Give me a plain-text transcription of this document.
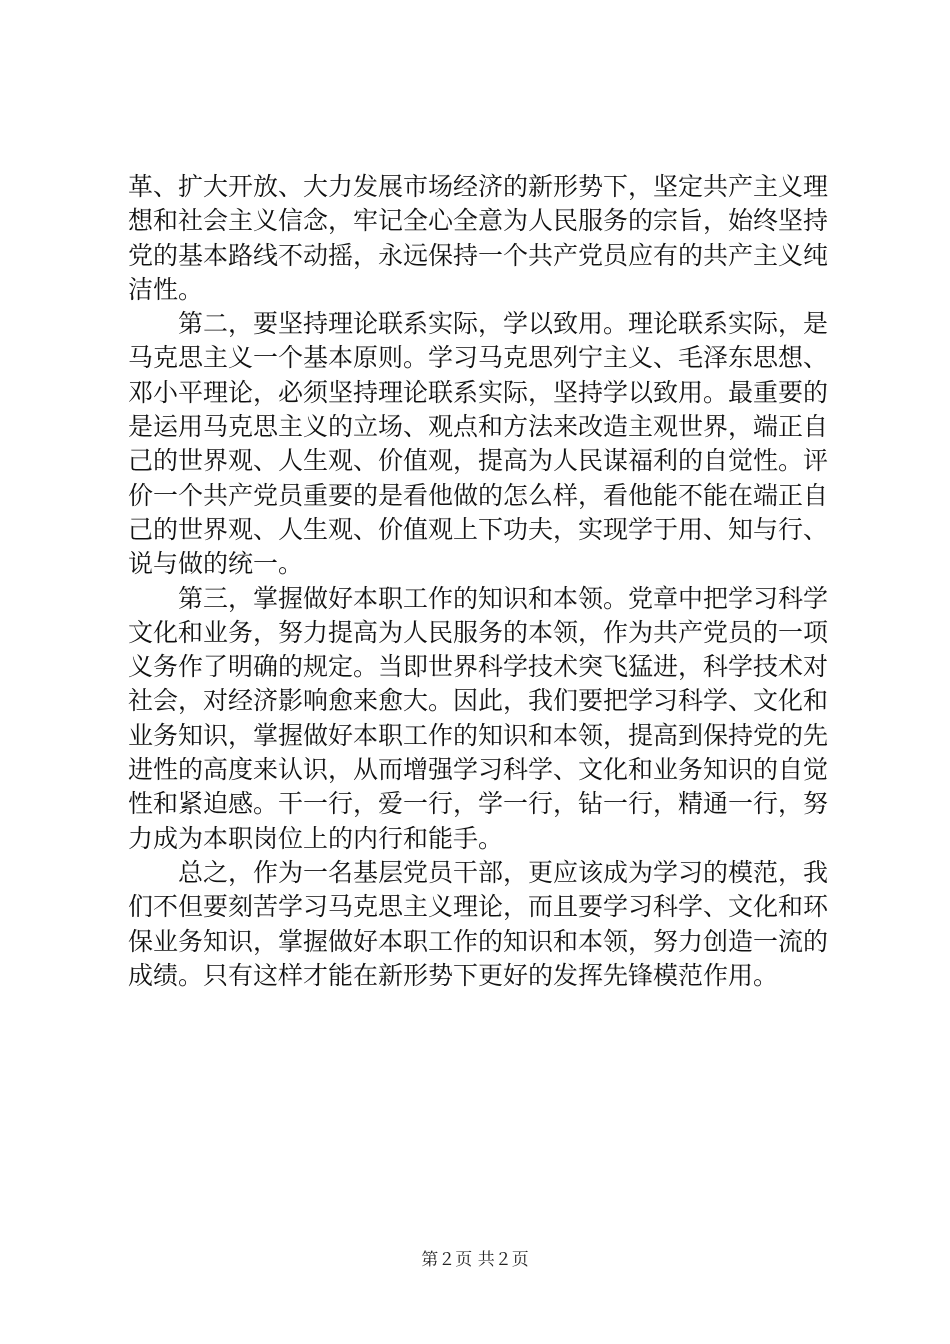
革、扩大开放、大力发展市场经济的新形势下，坚定共产主义理想和社会主义信念，牢记全心全意为人民服务的宗旨，始终坚持党的基本路线不动摇，永远保持一个共产党员应有的共产主义纯洁性。

第二，要坚持理论联系实际，学以致用。理论联系实际，是马克思主义一个基本原则。学习马克思列宁主义、毛泽东思想、邓小平理论，必须坚持理论联系实际，坚持学以致用。最重要的是运用马克思主义的立场、观点和方法来改造主观世界，端正自己的世界观、人生观、价值观，提高为人民谋福利的自觉性。评价一个共产党员重要的是看他做的怎么样，看他能不能在端正自己的世界观、人生观、价值观上下功夫，实现学于用、知与行、说与做的统一。

第三，掌握做好本职工作的知识和本领。党章中把学习科学文化和业务，努力提高为人民服务的本领，作为共产党员的一项义务作了明确的规定。当即世界科学技术突飞猛进，科学技术对社会，对经济影响愈来愈大。因此，我们要把学习科学、文化和业务知识，掌握做好本职工作的知识和本领，提高到保持党的先进性的高度来认识，从而增强学习科学、文化和业务知识的自觉性和紧迫感。干一行，爱一行，学一行，钻一行，精通一行，努力成为本职岗位上的内行和能手。

总之，作为一名基层党员干部，更应该成为学习的模范，我们不但要刻苦学习马克思主义理论，而且要学习科学、文化和环保业务知识，掌握做好本职工作的知识和本领，努力创造一流的成绩。只有这样才能在新形势下更好的发挥先锋模范作用。

第２页 共２页
